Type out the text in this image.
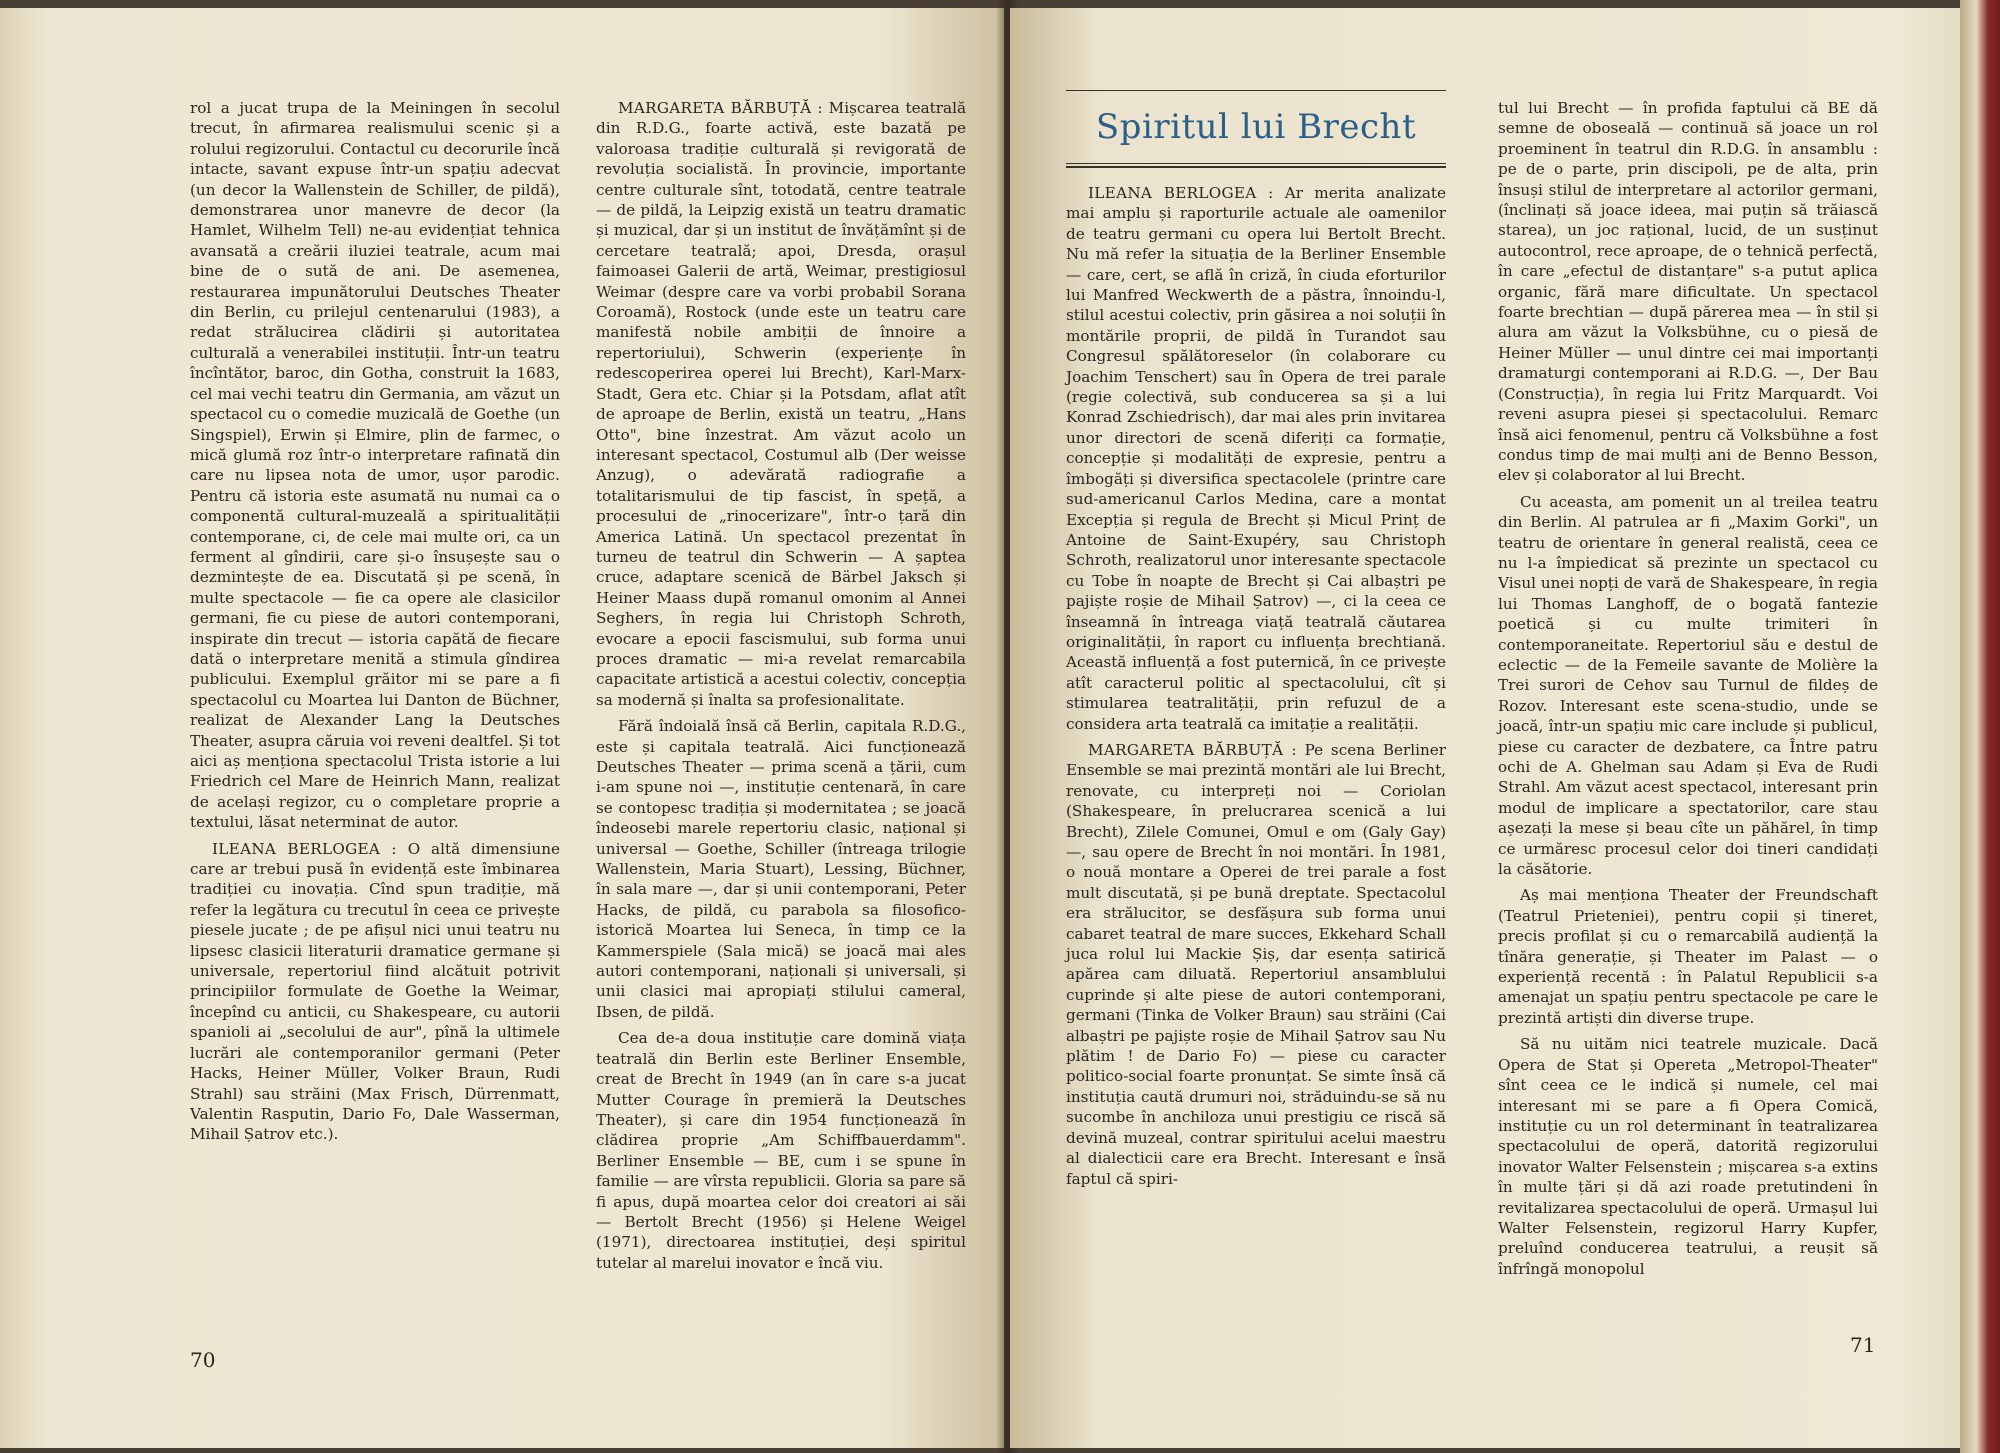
rol a jucat trupa de la Meiningen în secolul trecut, în afirmarea realismului scenic și a rolului regizorului. Contactul cu decorurile încă intacte, savant expuse într-un spațiu adecvat (un decor la Wallenstein de Schiller, de pildă), demonstrarea unor manevre de decor (la Hamlet, Wilhelm Tell) ne-au evidențiat tehnica avansată a creării iluziei teatrale, acum mai bine de o sută de ani. De asemenea, restaurarea impunătorului Deutsches Theater din Berlin, cu prilejul centenarului (1983), a redat strălucirea clădirii și autoritatea culturală a venerabilei instituții. Într-un teatru încîntător, baroc, din Gotha, construit la 1683, cel mai vechi teatru din Germania, am văzut un spectacol cu o comedie muzicală de Goethe (un Singspiel), Erwin și Elmire, plin de farmec, o mică glumă roz într-o interpretare rafinată din care nu lipsea nota de umor, ușor parodic. Pentru că istoria este asumată nu numai ca o componentă cultural-muzeală a spiritualității contemporane, ci, de cele mai multe ori, ca un ferment al gîndirii, care și-o însușește sau o dezmintește de ea. Discutată și pe scenă, în multe spectacole — fie ca opere ale clasicilor germani, fie cu piese de autori contemporani, inspirate din trecut — istoria capătă de fiecare dată o interpretare menită a stimula gîndirea publicului. Exemplul grăitor mi se pare a fi spectacolul cu Moartea lui Danton de Büchner, realizat de Alexander Lang la Deutsches Theater, asupra căruia voi reveni dealtfel. Și tot aici aș menționa spectacolul Trista istorie a lui Friedrich cel Mare de Heinrich Mann, realizat de același regizor, cu o completare proprie a textului, lăsat neterminat de autor.

ILEANA BERLOGEA : O altă dimensiune care ar trebui pusă în evidență este îmbinarea tradiției cu inovația. Cînd spun tradiție, mă refer la legătura cu trecutul în ceea ce privește piesele jucate ; de pe afișul nici unui teatru nu lipsesc clasicii literaturii dramatice germane și universale, repertoriul fiind alcătuit potrivit principiilor formulate de Goethe la Weimar, începînd cu anticii, cu Shakespeare, cu autorii spanioli ai „secolului de aur", pînă la ultimele lucrări ale contemporanilor germani (Peter Hacks, Heiner Müller, Volker Braun, Rudi Strahl) sau străini (Max Frisch, Dürrenmatt, Valentin Rasputin, Dario Fo, Dale Wasserman, Mihail Șatrov etc.).

MARGARETA BĂRBUȚĂ : Mișcarea teatrală din R.D.G., foarte activă, este bazată pe valoroasa tradiție culturală și revigorată de revoluția socialistă. În provincie, importante centre culturale sînt, totodată, centre teatrale — de pildă, la Leipzig există un teatru dramatic și muzical, dar și un institut de învățămînt și de cercetare teatrală; apoi, Dresda, orașul faimoasei Galerii de artă, Weimar, prestigiosul Weimar (despre care va vorbi probabil Sorana Coroamă), Rostock (unde este un teatru care manifestă nobile ambiții de înnoire a repertoriului), Schwerin (experiențe în redescoperirea operei lui Brecht), Karl-Marx-Stadt, Gera etc. Chiar și la Potsdam, aflat atît de aproape de Berlin, există un teatru, „Hans Otto", bine înzestrat. Am văzut acolo un interesant spectacol, Costumul alb (Der weisse Anzug), o adevărată radiografie a totalitarismului de tip fascist, în speță, a procesului de „rinocerizare", într-o țară din America Latină. Un spectacol prezentat în turneu de teatrul din Schwerin — A șaptea cruce, adaptare scenică de Bärbel Jaksch și Heiner Maass după romanul omonim al Annei Seghers, în regia lui Christoph Schroth, evocare a epocii fascismului, sub forma unui proces dramatic — mi-a revelat remarcabila capacitate artistică a acestui colectiv, concepția sa modernă și înalta sa profesionalitate.

Fără îndoială însă că Berlin, capitala R.D.G., este și capitala teatrală. Aici funcționează Deutsches Theater — prima scenă a țării, cum i-am spune noi —, instituție centenară, în care se contopesc tradiția și modernitatea ; se joacă îndeosebi marele repertoriu clasic, național și universal — Goethe, Schiller (întreaga trilogie Wallenstein, Maria Stuart), Lessing, Büchner, în sala mare —, dar și unii contemporani, Peter Hacks, de pildă, cu parabola sa filosofico-istorică Moartea lui Seneca, în timp ce la Kammerspiele (Sala mică) se joacă mai ales autori contemporani, naționali și universali, și unii clasici mai apropiați stilului cameral, Ibsen, de pildă.

Cea de-a doua instituție care domină viața teatrală din Berlin este Berliner Ensemble, creat de Brecht în 1949 (an în care s-a jucat Mutter Courage în premieră la Deutsches Theater), și care din 1954 funcționează în clădirea proprie „Am Schiffbauerdamm". Berliner Ensemble — BE, cum i se spune în familie — are vîrsta republicii. Gloria sa pare să fi apus, după moartea celor doi creatori ai săi — Bertolt Brecht (1956) și Helene Weigel (1971), directoarea instituției, deși spiritul tutelar al marelui inovator e încă viu.

70
Spiritul lui Brecht

ILEANA BERLOGEA : Ar merita analizate mai amplu și raporturile actuale ale oamenilor de teatru germani cu opera lui Bertolt Brecht. Nu mă refer la situația de la Berliner Ensemble — care, cert, se află în criză, în ciuda eforturilor lui Manfred Weckwerth de a păstra, înnoindu-l, stilul acestui colectiv, prin găsirea a noi soluții în montările proprii, de pildă în Turandot sau Congresul spălătoreselor (în colaborare cu Joachim Tenschert) sau în Opera de trei parale (regie colectivă, sub conducerea sa și a lui Konrad Zschiedrisch), dar mai ales prin invitarea unor directori de scenă diferiți ca formație, concepție și modalități de expresie, pentru a îmbogăți și diversifica spectacolele (printre care sud-americanul Carlos Medina, care a montat Excepția și regula de Brecht și Micul Prinț de Antoine de Saint-Exupéry, sau Christoph Schroth, realizatorul unor interesante spectacole cu Tobe în noapte de Brecht și Cai albaștri pe pajiște roșie de Mihail Șatrov) —, ci la ceea ce înseamnă în întreaga viață teatrală căutarea originalității, în raport cu influența brechtiană. Această influență a fost puternică, în ce privește atît caracterul politic al spectacolului, cît și stimularea teatralității, prin refuzul de a considera arta teatrală ca imitație a realității.

MARGARETA BĂRBUȚĂ : Pe scena Berliner Ensemble se mai prezintă montări ale lui Brecht, renovate, cu interpreți noi — Coriolan (Shakespeare, în prelucrarea scenică a lui Brecht), Zilele Comunei, Omul e om (Galy Gay) —, sau opere de Brecht în noi montări. În 1981, o nouă montare a Operei de trei parale a fost mult discutată, și pe bună dreptate. Spectacolul era strălucitor, se desfășura sub forma unui cabaret teatral de mare succes, Ekkehard Schall juca rolul lui Mackie Șiș, dar esența satirică apărea cam diluată. Repertoriul ansamblului cuprinde și alte piese de autori contemporani, germani (Tinka de Volker Braun) sau străini (Cai albaștri pe pajiște roșie de Mihail Șatrov sau Nu plătim ! de Dario Fo) — piese cu caracter politico-social foarte pronunțat. Se simte însă că instituția caută drumuri noi, străduindu-se să nu sucombe în anchiloza unui prestigiu ce riscă să devină muzeal, contrar spiritului acelui maestru al dialecticii care era Brecht. Interesant e însă faptul că spiri-

tul lui Brecht — în profida faptului că BE dă semne de oboseală — continuă să joace un rol proeminent în teatrul din R.D.G. în ansamblu : pe de o parte, prin discipoli, pe de alta, prin însuși stilul de interpretare al actorilor germani, (înclinați să joace ideea, mai puțin să trăiască starea), un joc rațional, lucid, de un susținut autocontrol, rece aproape, de o tehnică perfectă, în care „efectul de distanțare" s-a putut aplica organic, fără mare dificultate. Un spectacol foarte brechtian — după părerea mea — în stil și alura am văzut la Volksbühne, cu o piesă de Heiner Müller — unul dintre cei mai importanți dramaturgi contemporani ai R.D.G. —, Der Bau (Construcția), în regia lui Fritz Marquardt. Voi reveni asupra piesei și spectacolului. Remarc însă aici fenomenul, pentru că Volksbühne a fost condus timp de mai mulți ani de Benno Besson, elev și colaborator al lui Brecht.

Cu aceasta, am pomenit un al treilea teatru din Berlin. Al patrulea ar fi „Maxim Gorki", un teatru de orientare în general realistă, ceea ce nu l-a împiedicat să prezinte un spectacol cu Visul unei nopți de vară de Shakespeare, în regia lui Thomas Langhoff, de o bogată fantezie poetică și cu multe trimiteri în contemporaneitate. Repertoriul său e destul de eclectic — de la Femeile savante de Molière la Trei surori de Cehov sau Turnul de fildeș de Rozov. Interesant este scena-studio, unde se joacă, într-un spațiu mic care include și publicul, piese cu caracter de dezbatere, ca Între patru ochi de A. Ghelman sau Adam și Eva de Rudi Strahl. Am văzut acest spectacol, interesant prin modul de implicare a spectatorilor, care stau așezați la mese și beau cîte un păhărel, în timp ce urmăresc procesul celor doi tineri candidați la căsătorie.

Aș mai menționa Theater der Freundschaft (Teatrul Prieteniei), pentru copii și tineret, precis profilat și cu o remarcabilă audiență la tînăra generație, și Theater im Palast — o experiență recentă : în Palatul Republicii s-a amenajat un spațiu pentru spectacole pe care le prezintă artiști din diverse trupe.

Să nu uităm nici teatrele muzicale. Dacă Opera de Stat și Opereta „Metropol-Theater" sînt ceea ce le indică și numele, cel mai interesant mi se pare a fi Opera Comică, instituție cu un rol determinant în teatralizarea spectacolului de operă, datorită regizorului inovator Walter Felsenstein ; mișcarea s-a extins în multe țări și dă azi roade pretutindeni în revitalizarea spectacolului de operă. Urmașul lui Walter Felsenstein, regizorul Harry Kupfer, preluînd conducerea teatrului, a reușit să înfrîngă monopolul

71
